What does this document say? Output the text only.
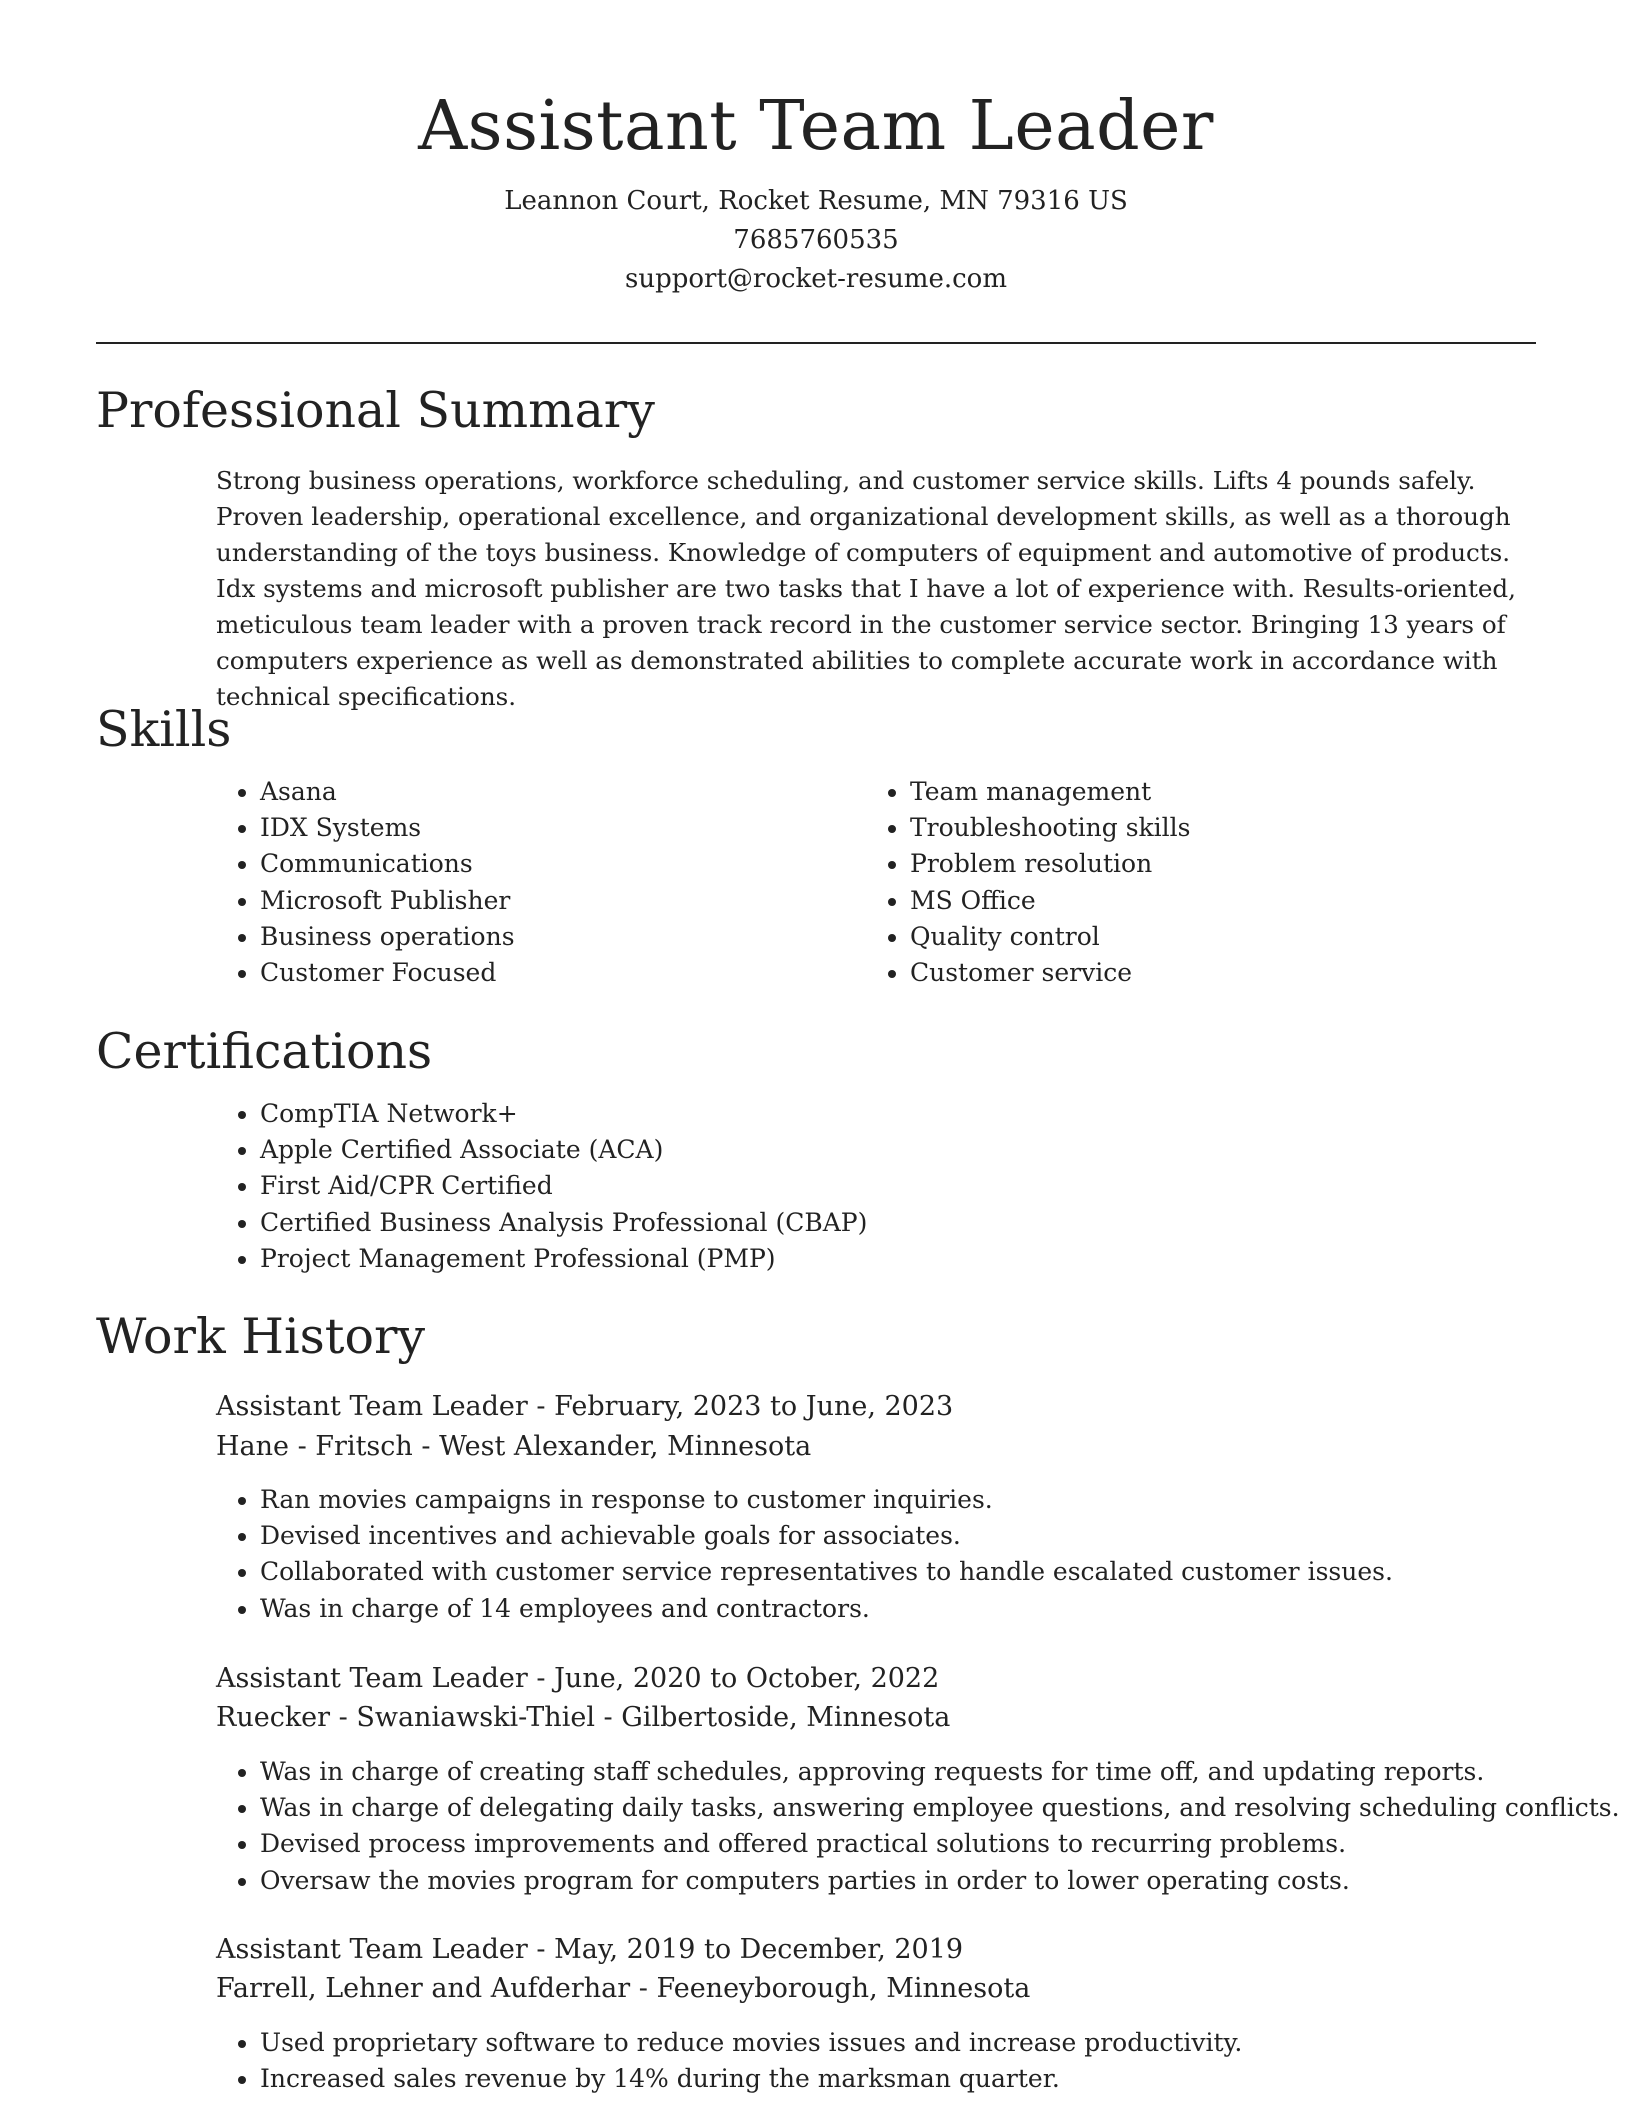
Assistant Team Leader
Leannon Court, Rocket Resume, MN 79316 US
7685760535
support@rocket-resume.com
Professional Summary

Strong business operations, workforce scheduling, and customer service skills. Lifts 4 pounds safely. Proven leadership, operational excellence, and organizational development skills, as well as a thorough understanding of the toys business. Knowledge of computers of equipment and automotive of products. Idx systems and microsoft publisher are two tasks that I have a lot of experience with. Results-oriented, meticulous team leader with a proven track record in the customer service sector. Bringing 13 years of computers experience as well as demonstrated abilities to complete accurate work in accordance with technical specifications.

Skills
• Asana
• IDX Systems
• Communications
• Microsoft Publisher
• Business operations
• Customer Focused
• Team management
• Troubleshooting skills
• Problem resolution
• MS Office
• Quality control
• Customer service
Certifications
• CompTIA Network+
• Apple Certified Associate (ACA)
• First Aid/CPR Certified
• Certified Business Analysis Professional (CBAP)
• Project Management Professional (PMP)
Work History
Assistant Team Leader - February, 2023 to June, 2023
Hane - Fritsch - West Alexander, Minnesota
• Ran movies campaigns in response to customer inquiries.
• Devised incentives and achievable goals for associates.
• Collaborated with customer service representatives to handle escalated customer issues.
• Was in charge of 14 employees and contractors.
Assistant Team Leader - June, 2020 to October, 2022
Ruecker - Swaniawski-Thiel - Gilbertoside, Minnesota
• Was in charge of creating staff schedules, approving requests for time off, and updating reports.
• Was in charge of delegating daily tasks, answering employee questions, and resolving scheduling conflicts.
• Devised process improvements and offered practical solutions to recurring problems.
• Oversaw the movies program for computers parties in order to lower operating costs.
Assistant Team Leader - May, 2019 to December, 2019
Farrell, Lehner and Aufderhar - Feeneyborough, Minnesota
• Used proprietary software to reduce movies issues and increase productivity.
• Increased sales revenue by 14% during the marksman quarter.
